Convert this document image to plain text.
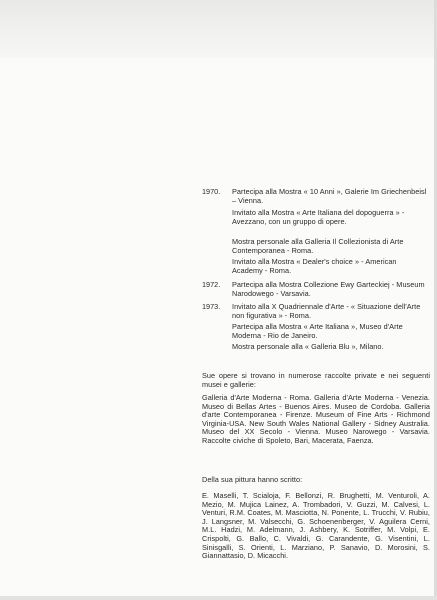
1970. Partecipa alla Mostra « 10 Anni », Galerie Im Griechenbeisl – Vienna.
Invitato alla Mostra « Arte Italiana del dopoguerra » - Avezzano, con un gruppo di opere.
Mostra personale alla Galleria Il Collezionista di Arte Contemporanea - Roma.
Invitato alla Mostra « Dealer's choice » - American Academy - Roma.
1972. Partecipa alla Mostra Collezione Ewy Garteckiej - Museum Narodowego - Varsavia.
1973. Invitato alla X Quadriennale d'Arte - « Situazione dell'Arte non figurativa » - Roma.
Partecipa alla Mostra « Arte Italiana », Museo d'Arte Moderna - Rio de Janeiro.
Mostra personale alla « Galleria Blu », Milano.
Sue opere si trovano in numerose raccolte private e nei seguenti musei e gallerie:
Galleria d'Arte Moderna - Roma. Galleria d'Arte Moderna - Venezia. Museo di Bellas Artes - Buenos Aires. Museo de Cordoba. Galleria d'arte Contemporanea - Firenze. Museum of Fine Arts - Richmond Virginia-USA. New South Wales National Gallery - Sidney Australia. Museo del XX Secolo - Vienna. Museo Narowego - Varsavia. Raccolte civiche di Spoleto, Bari, Macerata, Faenza.
Della sua pittura hanno scritto:
E. Maselli, T. Scialoja, F. Bellonzi, R. Brughetti, M. Venturoli, A. Mezio, M. Mujica Lainez, A. Trombadori, V. Guzzi, M. Calvesi, L. Venturi, R.M. Coates, M. Masciotta, N. Ponente, L. Trucchi, V. Rubiu, J. Langsner, M. Valsecchi, G. Schoenenberger, V. Aguilera Cerni, M.L. Hadzi, M. Adelmann, J. Ashbery, K. Sotriffer, M. Volpi, E. Crispolti, G. Ballo, C. Vivaldi, G. Carandente, G. Visentini, L. Sinisgalli, S. Orienti, L. Marziano, P. Sanavio, D. Morosini, S. Giannattasio, D. Micacchi.
